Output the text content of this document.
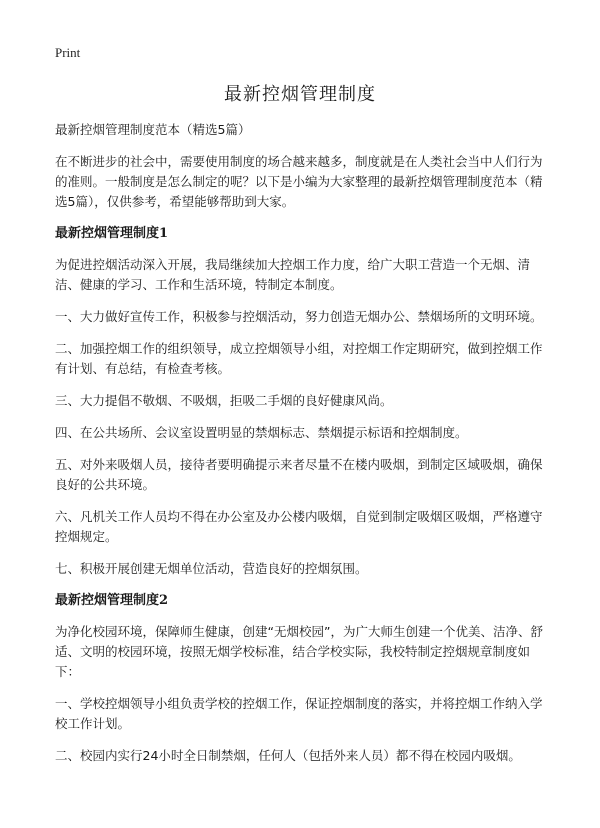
Print

最新控烟管理制度

最新控烟管理制度范本（精选5篇）

在不断进步的社会中，需要使用制度的场合越来越多，制度就是在人类社会当中人们行为的准则。一般制度是怎么制定的呢？以下是小编为大家整理的最新控烟管理制度范本（精选5篇），仅供参考，希望能够帮助到大家。

最新控烟管理制度1

为促进控烟活动深入开展，我局继续加大控烟工作力度，给广大职工营造一个无烟、清洁、健康的学习、工作和生活环境，特制定本制度。

一、大力做好宣传工作，积极参与控烟活动，努力创造无烟办公、禁烟场所的文明环境。

二、加强控烟工作的组织领导，成立控烟领导小组，对控烟工作定期研究，做到控烟工作有计划、有总结，有检查考核。

三、大力提倡不敬烟、不吸烟，拒吸二手烟的良好健康风尚。

四、在公共场所、会议室设置明显的禁烟标志、禁烟提示标语和控烟制度。

五、对外来吸烟人员，接待者要明确提示来者尽量不在楼内吸烟，到制定区域吸烟，确保良好的公共环境。

六、凡机关工作人员均不得在办公室及办公楼内吸烟，自觉到制定吸烟区吸烟，严格遵守控烟规定。

七、积极开展创建无烟单位活动，营造良好的控烟氛围。

最新控烟管理制度2

为净化校园环境，保障师生健康，创建“无烟校园”，为广大师生创建一个优美、洁净、舒适、文明的校园环境，按照无烟学校标准，结合学校实际，我校特制定控烟规章制度如下：

一、学校控烟领导小组负责学校的控烟工作，保证控烟制度的落实，并将控烟工作纳入学校工作计划。

二、校园内实行24小时全日制禁烟，任何人（包括外来人员）都不得在校园内吸烟。
